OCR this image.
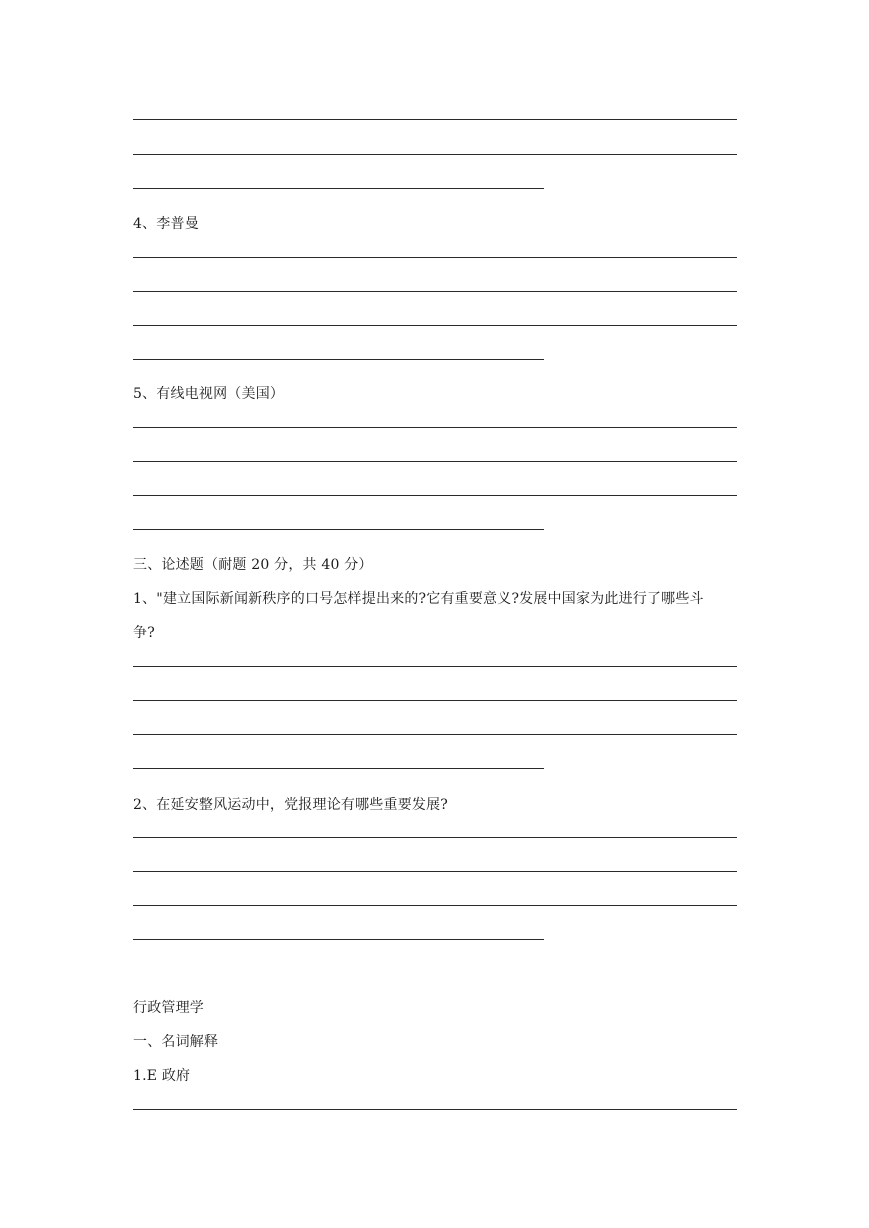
4、李普曼
5、有线电视网（美国）
三、论述题（耐题 20 分，共 40 分）
1、"建立国际新闻新秩序的口号怎样提出来的?它有重要意义?发展中国家为此进行了哪些斗
争?
2、在延安整风运动中，党报理论有哪些重要发展?
行政管理学
一、名词解释
1.E 政府
